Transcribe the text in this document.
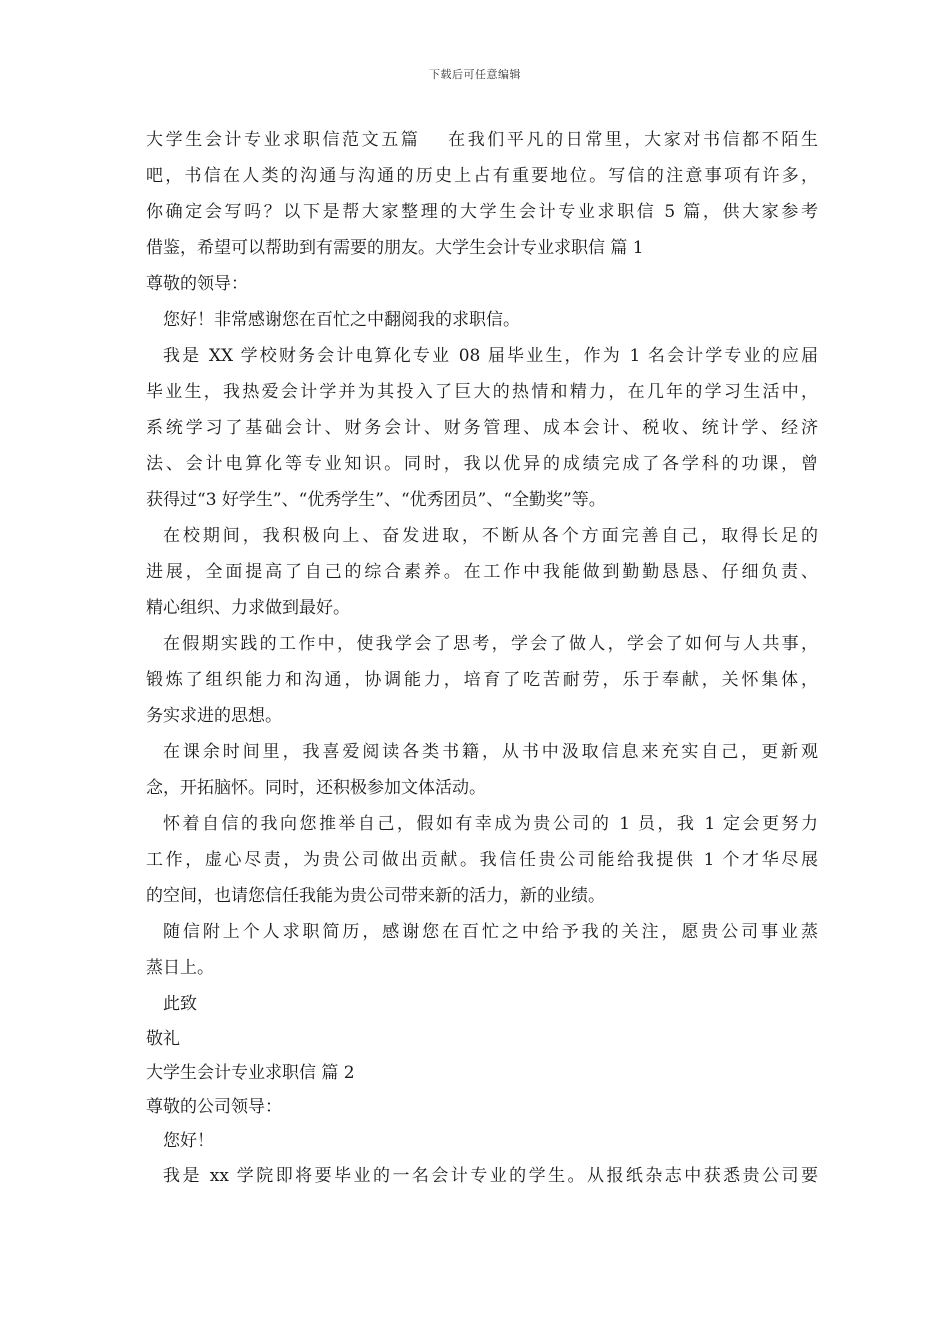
下载后可任意编辑
大学生会计专业求职信范文五篇　 在我们平凡的日常里，大家对书信都不陌生
吧，书信在人类的沟通与沟通的历史上占有重要地位。写信的注意事项有许多，
你确定会写吗？以下是帮大家整理的大学生会计专业求职信 5 篇，供大家参考
借鉴，希望可以帮助到有需要的朋友。大学生会计专业求职信 篇 1
尊敬的领导：
您好！非常感谢您在百忙之中翻阅我的求职信。
我是 XX 学校财务会计电算化专业 08 届毕业生，作为 1 名会计学专业的应届
毕业生，我热爱会计学并为其投入了巨大的热情和精力，在几年的学习生活中，
系统学习了基础会计、财务会计、财务管理、成本会计、税收、统计学、经济
法、会计电算化等专业知识。同时，我以优异的成绩完成了各学科的功课，曾
获得过“3 好学生”、“优秀学生”、“优秀团员”、“全勤奖”等。
在校期间，我积极向上、奋发进取，不断从各个方面完善自己，取得长足的
进展，全面提高了自己的综合素养。在工作中我能做到勤勤恳恳、仔细负责、
精心组织、力求做到最好。
在假期实践的工作中，使我学会了思考，学会了做人，学会了如何与人共事，
锻炼了组织能力和沟通，协调能力，培育了吃苦耐劳，乐于奉献，关怀集体，
务实求进的思想。
在课余时间里，我喜爱阅读各类书籍，从书中汲取信息来充实自己，更新观
念，开拓脑怀。同时，还积极参加文体活动。
怀着自信的我向您推举自己，假如有幸成为贵公司的 1 员，我 1 定会更努力
工作，虚心尽责，为贵公司做出贡献。我信任贵公司能给我提供 1 个才华尽展
的空间，也请您信任我能为贵公司带来新的活力，新的业绩。
随信附上个人求职简历，感谢您在百忙之中给予我的关注，愿贵公司事业蒸
蒸日上。
此致
敬礼
大学生会计专业求职信 篇 2
尊敬的公司领导：
您好！
我是 xx 学院即将要毕业的一名会计专业的学生。从报纸杂志中获悉贵公司要
